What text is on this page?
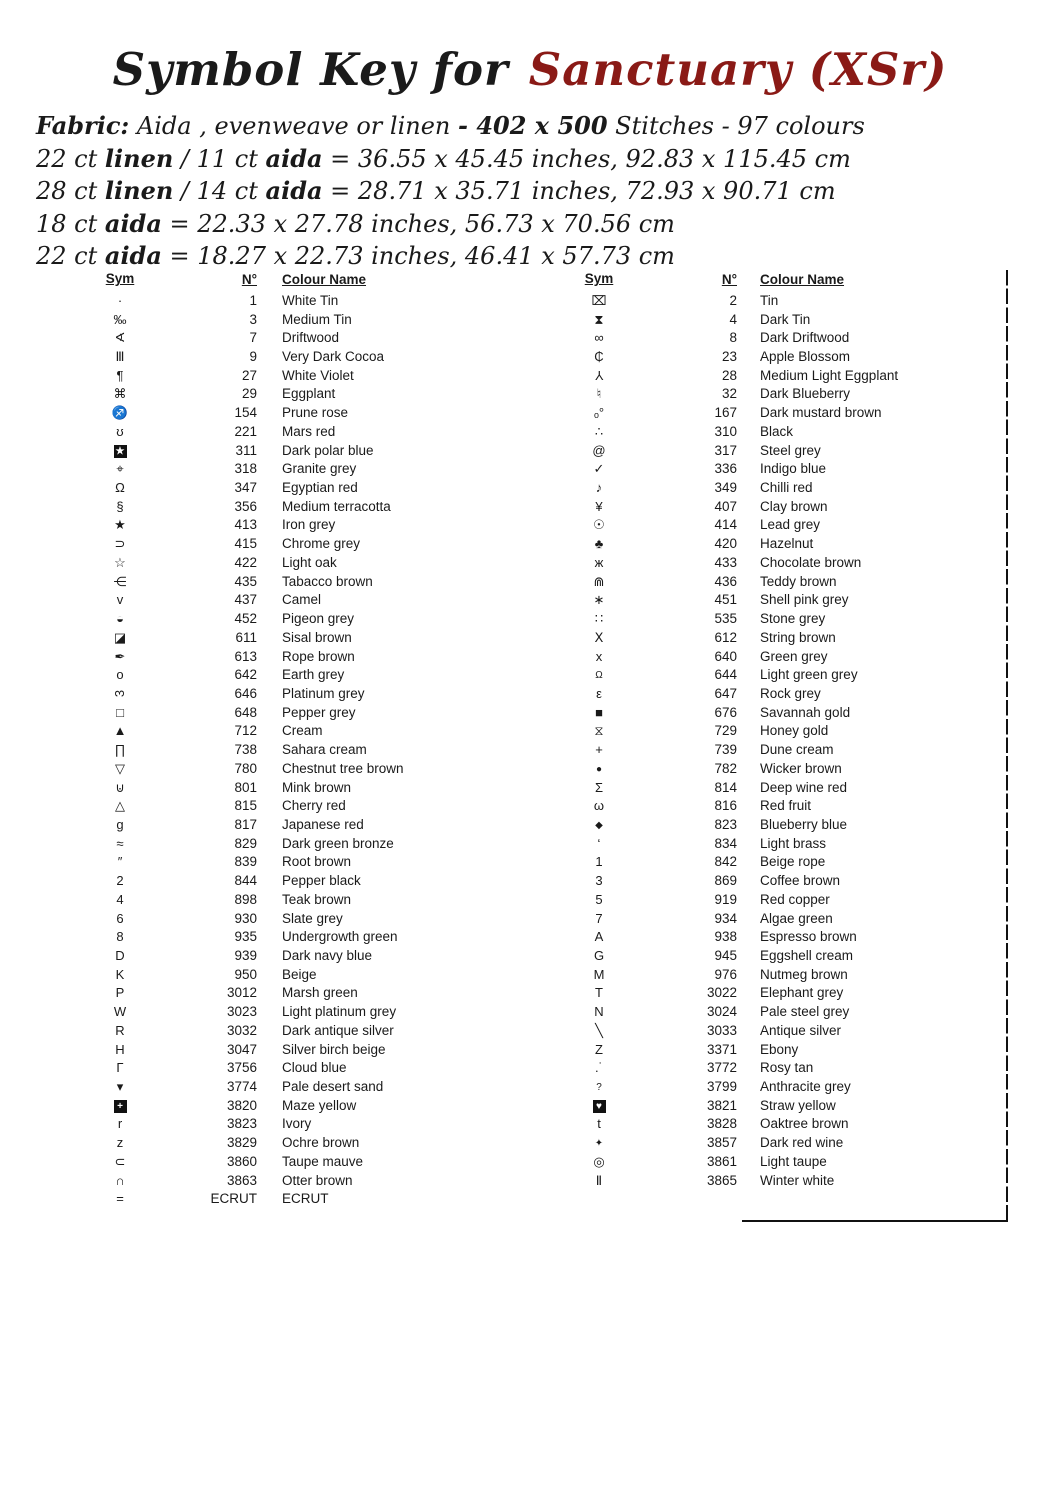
Symbol Key for Sanctuary (XSr)
Fabric: Aida , evenweave or linen - 402 x 500 Stitches - 97 colours
22 ct linen / 11 ct aida = 36.55 x 45.45 inches, 92.83 x 115.45 cm
28 ct linen / 14 ct aida = 28.71 x 35.71 inches, 72.93 x 90.71 cm
18 ct aida = 22.33 x 27.78 inches, 56.73 x 70.56 cm
22 ct aida = 18.27 x 22.73 inches, 46.41 x 57.73 cm
Sym	N°	Colour Name
·	1	White Tin
‰	3	Medium Tin
∢	7	Driftwood
Ⅲ	9	Very Dark Cocoa
¶	27	White Violet
⌘	29	Eggplant
♐	154	Prune rose
ʊ	221	Mars red
★	311	Dark polar blue
⌖	318	Granite grey
Ω	347	Egyptian red
§	356	Medium terracotta
★	413	Iron grey
⊃	415	Chrome grey
☆	422	Light oak
⋲	435	Tabacco brown
ᴠ	437	Camel
◒	452	Pigeon grey
◪	611	Sisal brown
✒	613	Rope brown
o	642	Earth grey
3	646	Platinum grey
□	648	Pepper grey
▲	712	Cream
∏	738	Sahara cream
▽	780	Chestnut tree brown
⊍	801	Mink brown
△	815	Cherry red
g	817	Japanese red
≈	829	Dark green bronze
″	839	Root brown
2	844	Pepper black
4	898	Teak brown
6	930	Slate grey
8	935	Undergrowth green
D	939	Dark navy blue
K	950	Beige
P	3012	Marsh green
W	3023	Light platinum grey
R	3032	Dark antique silver
H	3047	Silver birch beige
Γ	3756	Cloud blue
▾	3774	Pale desert sand
+	3820	Maze yellow
r	3823	Ivory
z	3829	Ochre brown
⊂	3860	Taupe mauve
∩	3863	Otter brown
=	ECRUT	ECRUT
Sym	N°	Colour Name
⌧	2	Tin
⧗	4	Dark Tin
∞	8	Dark Driftwood
₵	23	Apple Blossom
Y	28	Medium Light Eggplant
♮	32	Dark Blueberry
ₒ°	167	Dark mustard brown
∴	310	Black
@	317	Steel grey
✓	336	Indigo blue
♪	349	Chilli red
¥	407	Clay brown
☉	414	Lead grey
♣	420	Hazelnut
ж	433	Chocolate brown
⋒	436	Teddy brown
∗	451	Shell pink grey
∷	535	Stone grey
Ⅹ	612	String brown
x	640	Green grey
Ω	644	Light green grey
ε	647	Rock grey
■	676	Savannah gold
⧖	729	Honey gold
+	739	Dune cream
●	782	Wicker brown
Σ	814	Deep wine red
ω	816	Red fruit
◆	823	Blueberry blue
‘	834	Light brass
1	842	Beige rope
3	869	Coffee brown
5	919	Red copper
7	934	Algae green
A	938	Espresso brown
G	945	Eggshell cream
M	976	Nutmeg brown
T	3022	Elephant grey
N	3024	Pale steel grey
╲	3033	Antique silver
Z	3371	Ebony
.˙	3772	Rosy tan
?	3799	Anthracite grey
♥	3821	Straw yellow
t	3828	Oaktree brown
✦	3857	Dark red wine
◎	3861	Light taupe
Ⅱ	3865	Winter white
